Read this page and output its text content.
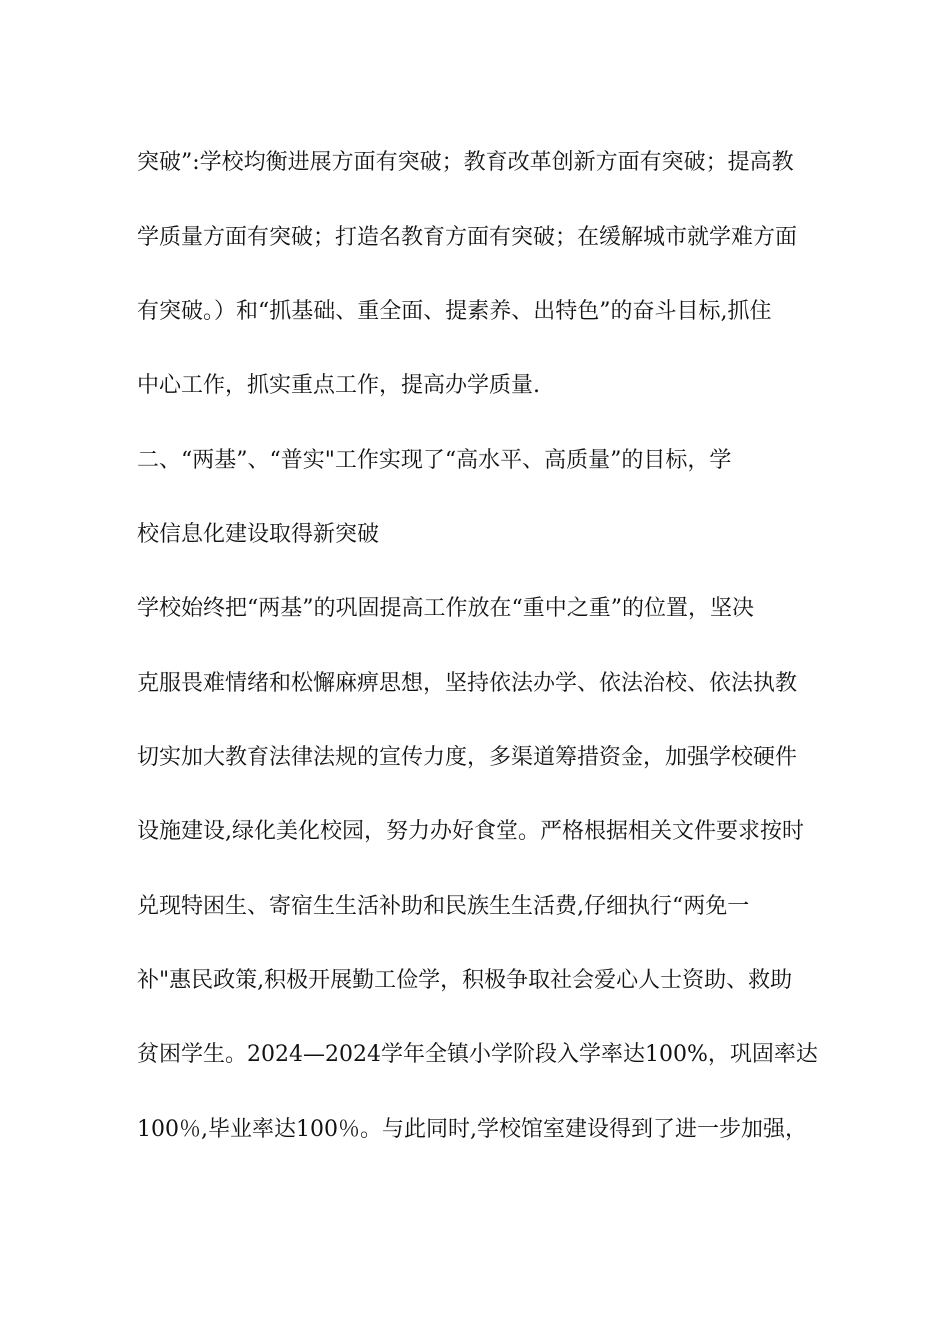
突破”:学校均衡进展方面有突破；教育改革创新方面有突破；提高教
学质量方面有突破；打造名教育方面有突破；在缓解城市就学难方面
有突破。）和“抓基础、重全面、提素养、出特色”的奋斗目标,抓住
中心工作，抓实重点工作，提高办学质量.
二、“两基”、“普实"工作实现了“高水平、高质量”的目标，学
校信息化建设取得新突破
学校始终把“两基”的巩固提高工作放在“重中之重”的位置，坚决
克服畏难情绪和松懈麻痹思想，坚持依法办学、依法治校、依法执教
切实加大教育法律法规的宣传力度，多渠道筹措资金，加强学校硬件
设施建设,绿化美化校园，努力办好食堂。严格根据相关文件要求按时
兑现特困生、寄宿生生活补助和民族生生活费,仔细执行“两免一
补"惠民政策,积极开展勤工俭学，积极争取社会爱心人士资助、救助
贫困学生。2024—2024学年全镇小学阶段入学率达100%，巩固率达
100％,毕业率达100％。与此同时,学校馆室建设得到了进一步加强，
